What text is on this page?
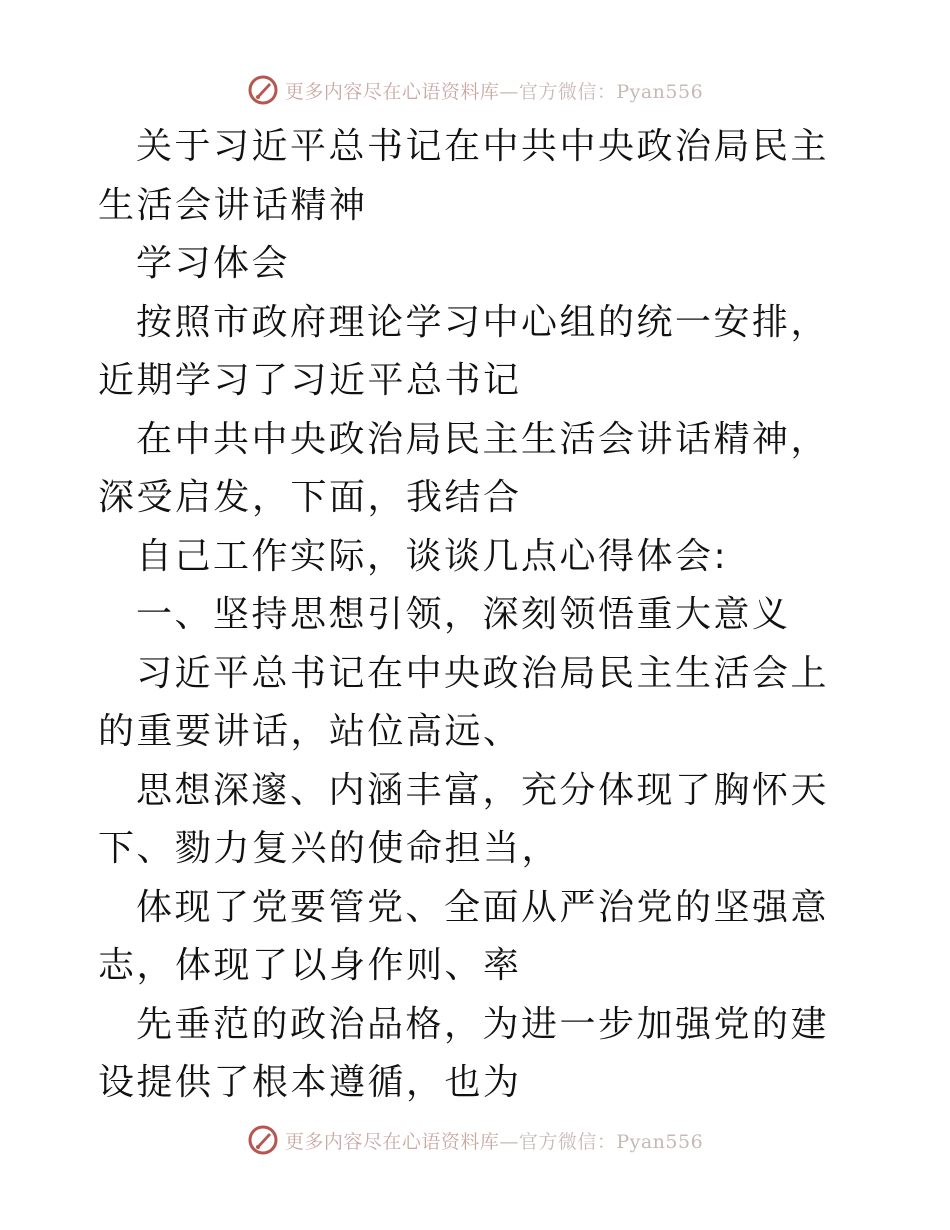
更多内容尽在心语资料库—官方微信：Pyan556

关于习近平总书记在中共中央政治局民主生活会讲话精神

学习体会

按照市政府理论学习中心组的统一安排，近期学习了习近平总书记

在中共中央政治局民主生活会讲话精神，深受启发，下面，我结合

自己工作实际，谈谈几点心得体会:

一、坚持思想引领，深刻领悟重大意义

习近平总书记在中央政治局民主生活会上的重要讲话，站位高远、

思想深邃、内涵丰富，充分体现了胸怀天下、勠力复兴的使命担当，

体现了党要管党、全面从严治党的坚强意志，体现了以身作则、率

先垂范的政治品格，为进一步加强党的建设提供了根本遵循，也为

更多内容尽在心语资料库—官方微信：Pyan556
